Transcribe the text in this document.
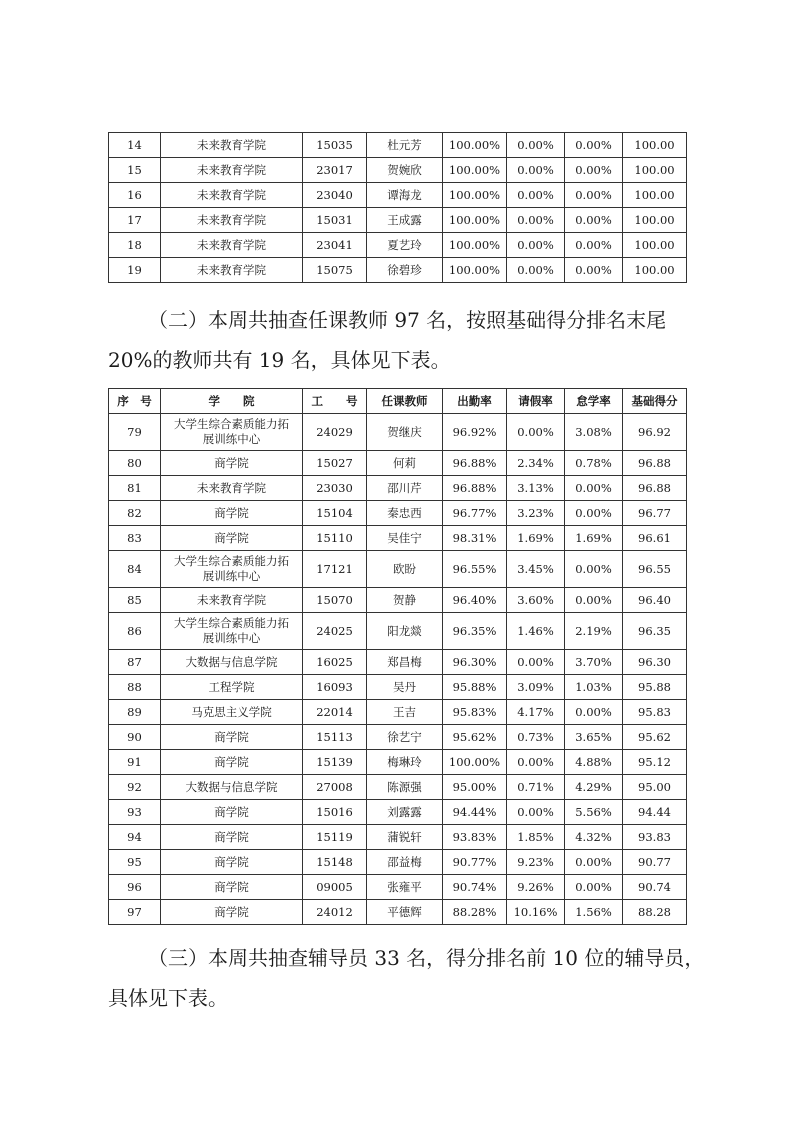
14	未来教育学院	15035	杜元芳	100.00%	0.00%	0.00%	100.00
15	未来教育学院	23017	贺婉欣	100.00%	0.00%	0.00%	100.00
16	未来教育学院	23040	谭海龙	100.00%	0.00%	0.00%	100.00
17	未来教育学院	15031	王成露	100.00%	0.00%	0.00%	100.00
18	未来教育学院	23041	夏艺玲	100.00%	0.00%	0.00%	100.00
19	未来教育学院	15075	徐碧珍	100.00%	0.00%	0.00%	100.00

（二）本周共抽查任课教师 97 名，按照基础得分排名末尾

20%的教师共有 19 名，具体见下表。

序　号	学　　院	工　　号	任课教师	出勤率	请假率	怠学率	基础得分
79	大学生综合素质能力拓展训练中心	24029	贺继庆	96.92%	0.00%	3.08%	96.92
80	商学院	15027	何莉	96.88%	2.34%	0.78%	96.88
81	未来教育学院	23030	邵川芹	96.88%	3.13%	0.00%	96.88
82	商学院	15104	秦忠西	96.77%	3.23%	0.00%	96.77
83	商学院	15110	吴佳宁	98.31%	1.69%	1.69%	96.61
84	大学生综合素质能力拓展训练中心	17121	欧盼	96.55%	3.45%	0.00%	96.55
85	未来教育学院	15070	贺静	96.40%	3.60%	0.00%	96.40
86	大学生综合素质能力拓展训练中心	24025	阳龙燚	96.35%	1.46%	2.19%	96.35
87	大数据与信息学院	16025	郑昌梅	96.30%	0.00%	3.70%	96.30
88	工程学院	16093	吴丹	95.88%	3.09%	1.03%	95.88
89	马克思主义学院	22014	王吉	95.83%	4.17%	0.00%	95.83
90	商学院	15113	徐艺宁	95.62%	0.73%	3.65%	95.62
91	商学院	15139	梅琳玲	100.00%	0.00%	4.88%	95.12
92	大数据与信息学院	27008	陈源强	95.00%	0.71%	4.29%	95.00
93	商学院	15016	刘露露	94.44%	0.00%	5.56%	94.44
94	商学院	15119	蒲锐轩	93.83%	1.85%	4.32%	93.83
95	商学院	15148	邵益梅	90.77%	9.23%	0.00%	90.77
96	商学院	09005	张雍平	90.74%	9.26%	0.00%	90.74
97	商学院	24012	平德辉	88.28%	10.16%	1.56%	88.28

（三）本周共抽查辅导员 33 名，得分排名前 10 位的辅导员，

具体见下表。
